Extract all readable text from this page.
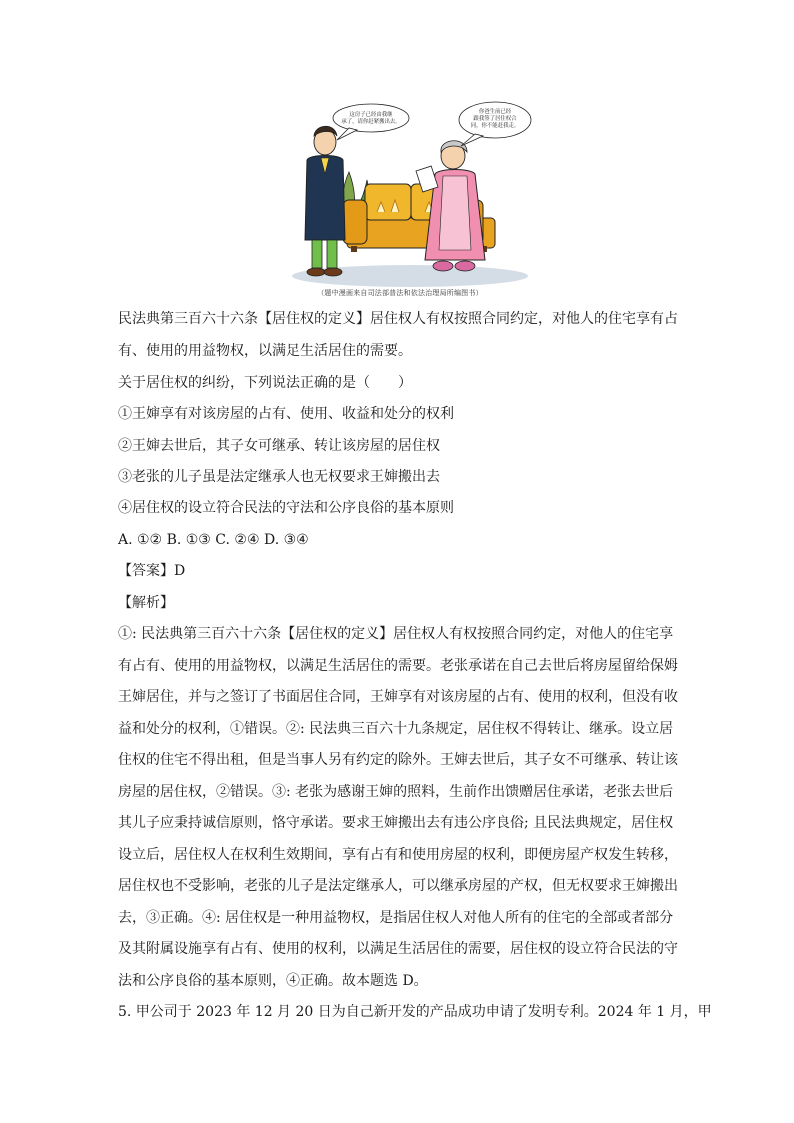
这房子已经由我继
承了，请你赶紧搬出去。
你爸生前已经
跟我签了居住权合
同，你不能赶我走。
（题中漫画来自司法部普法和依法治理局所编图书）
民法典第三百六十六条【居住权的定义】居住权人有权按照合同约定，对他人的住宅享有占
有、使用的用益物权，以满足生活居住的需要。
关于居住权的纠纷，下列说法正确的是（　　）
①王婶享有对该房屋的占有、使用、收益和处分的权利
②王婶去世后，其子女可继承、转让该房屋的居住权
③老张的儿子虽是法定继承人也无权要求王婶搬出去
④居住权的设立符合民法的守法和公序良俗的基本原则
A. ①② B. ①③ C. ②④ D. ③④
【答案】D
【解析】
①: 民法典第三百六十六条【居住权的定义】居住权人有权按照合同约定，对他人的住宅享
有占有、使用的用益物权，以满足生活居住的需要。老张承诺在自己去世后将房屋留给保姆
王婶居住，并与之签订了书面居住合同，王婶享有对该房屋的占有、使用的权利，但没有收
益和处分的权利，①错误。②: 民法典三百六十九条规定，居住权不得转让、继承。设立居
住权的住宅不得出租，但是当事人另有约定的除外。王婶去世后，其子女不可继承、转让该
房屋的居住权，②错误。③: 老张为感谢王婶的照料，生前作出馈赠居住承诺，老张去世后
其儿子应秉持诚信原则，恪守承诺。要求王婶搬出去有违公序良俗; 且民法典规定，居住权
设立后，居住权人在权利生效期间，享有占有和使用房屋的权利，即便房屋产权发生转移，
居住权也不受影响，老张的儿子是法定继承人，可以继承房屋的产权，但无权要求王婶搬出
去，③正确。④: 居住权是一种用益物权，是指居住权人对他人所有的住宅的全部或者部分
及其附属设施享有占有、使用的权利，以满足生活居住的需要，居住权的设立符合民法的守
法和公序良俗的基本原则，④正确。故本题选 D。
5. 甲公司于 2023 年 12 月 20 日为自己新开发的产品成功申请了发明专利。2024 年 1 月，甲
